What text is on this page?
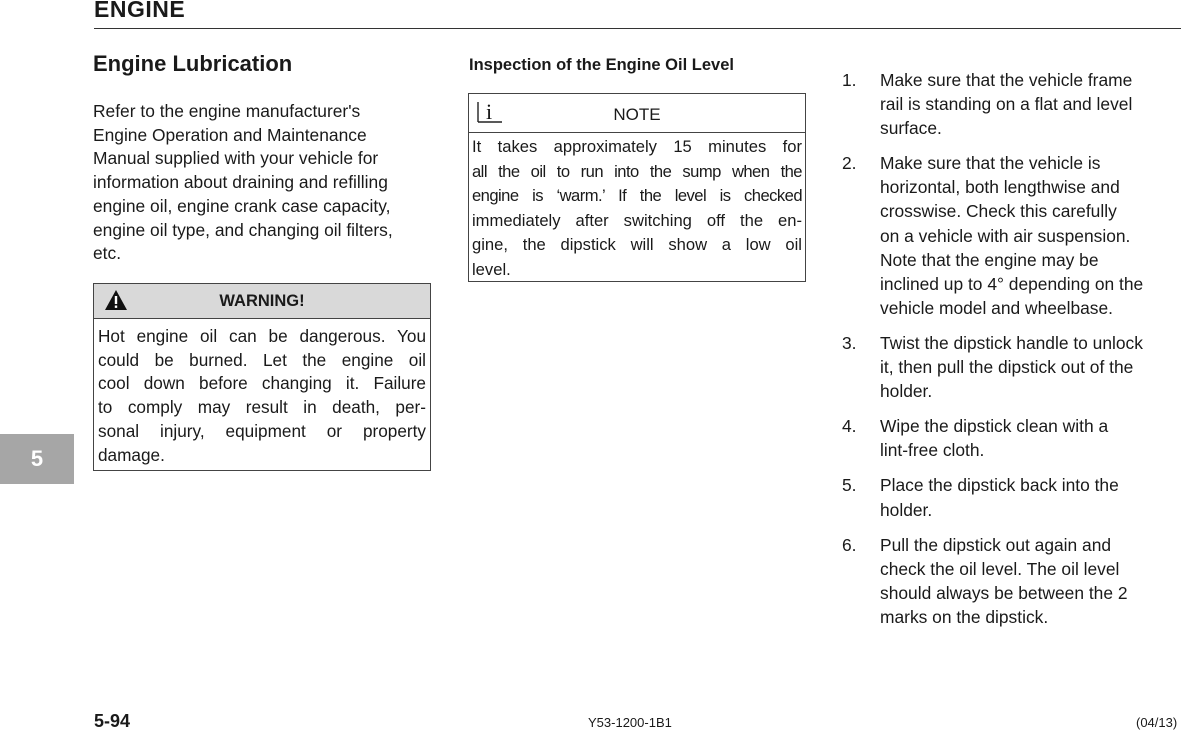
ENGINE
5
Engine Lubrication
Refer to the engine manufacturer's
Engine Operation and Maintenance
Manual supplied with your vehicle for
information about draining and refilling
engine oil, engine crank case capacity,
engine oil type, and changing oil filters,
etc.
WARNING!
Hot engine oil can be dangerous. You
could be burned. Let the engine oil
cool down before changing it. Failure
to comply may result in death, per-
sonal injury, equipment or property
damage.
Inspection of the Engine Oil Level
i	NOTE
It takes approximately 15 minutes for
all the oil to run into the sump when the
engine is ‘warm.’ If the level is checked
immediately after switching off the en-
gine, the dipstick will show a low oil
level.
1.	Make sure that the vehicle frame
rail is standing on a flat and level
surface.
2.	Make sure that the vehicle is
horizontal, both lengthwise and
crosswise. Check this carefully
on a vehicle with air suspension.
Note that the engine may be
inclined up to 4° depending on the
vehicle model and wheelbase.
3.	Twist the dipstick handle to unlock
it, then pull the dipstick out of the
holder.
4.	Wipe the dipstick clean with a
lint-free cloth.
5.	Place the dipstick back into the
holder.
6.	Pull the dipstick out again and
check the oil level. The oil level
should always be between the 2
marks on the dipstick.
5-94	Y53-1200-1B1	(04/13)
